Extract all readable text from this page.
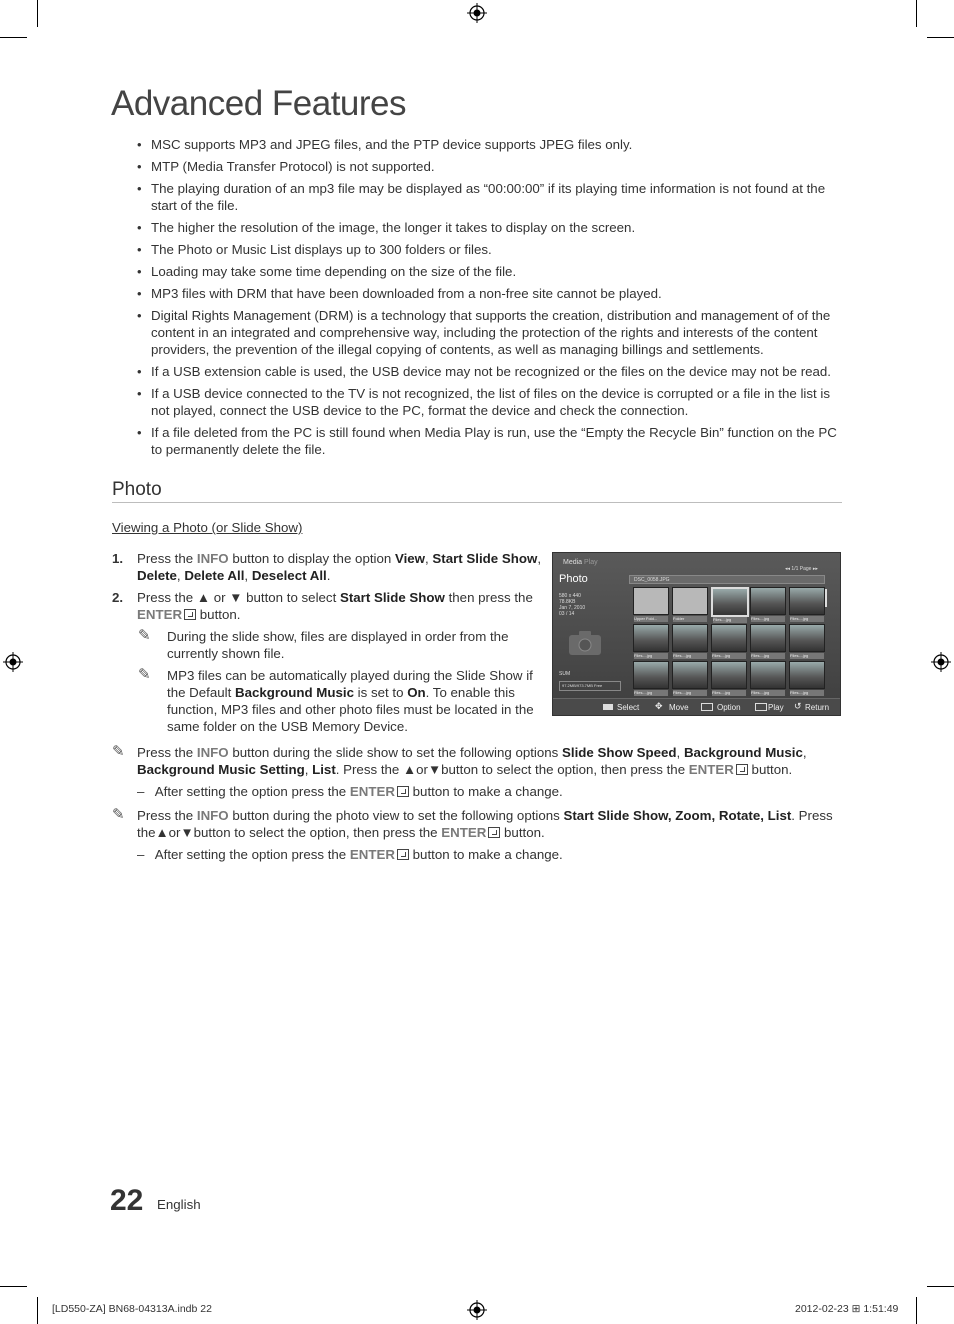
Advanced Features
• MSC supports MP3 and JPEG files, and the PTP device supports JPEG files only.
• MTP (Media Transfer Protocol) is not supported.
• The playing duration of an mp3 file may be displayed as “00:00:00” if its playing time information is not found at the start of the file.
• The higher the resolution of the image, the longer it takes to display on the screen.
• The Photo or Music List displays up to 300 folders or files.
• Loading may take some time depending on the size of the file.
• MP3 files with DRM that have been downloaded from a non-free site cannot be played.
• Digital Rights Management (DRM) is a technology that supports the creation, distribution and management of of the content in an integrated and comprehensive way, including the protection of the rights and interests of the content providers, the prevention of the illegal copying of contents, as well as managing billings and settlements.
• If a USB extension cable is used, the USB device may not be recognized or the files on the device may not be read.
• If a USB device connected to the TV is not recognized, the list of files on the device is corrupted or a file in the list is not played, connect the USB device to the PC, format the device and check the connection.
• If a file deleted from the PC is still found when Media Play is run, use the “Empty the Recycle Bin” function on the PC to permanently delete the file.
Photo
Viewing a Photo (or Slide Show)
1. Press the INFO button to display the option View, Start Slide Show, Delete, Delete All, Deselect All.
2. Press the ▲ or ▼ button to select Start Slide Show then press the ENTER button.
✎ During the slide show, files are displayed in order from the currently shown file.
✎ MP3 files can be automatically played during the Slide Show if the Default Background Music is set to On. To enable this function, MP3 files and other photo files must be located in the same folder on the USB Memory Device.
Media Play
◂◂ 1/1 Page ▸▸
Photo
580 x 440
78.8KB
Jan 7, 2010
03 / 14
SUM
97.2MB/973.7MB Free
DSC_0058.JPG
Upper Fold...	Folder	Files....jpg	Files....jpg	Files....jpg
Files....jpg	Files....jpg	Files....jpg	Files....jpg	Files....jpg
Files....jpg	Files....jpg	Files....jpg	Files....jpg	Files....jpg
Select ✥ Move	Option	Play ↺ Return
✎ Press the INFO button during the slide show to set the following options Slide Show Speed, Background Music, Background Music Setting, List. Press the ▲or▼button to select the option, then press the ENTER button.
–   After setting the option press the ENTER button to make a change.
✎ Press the INFO button during the photo view to set the following options Start Slide Show, Zoom, Rotate, List. Press the▲or▼button to select the option, then press the ENTER button.
–   After setting the option press the ENTER button to make a change.
22 English
[LD550-ZA] BN68-04313A.indb 22	2012-02-23 ⊞ 1:51:49
